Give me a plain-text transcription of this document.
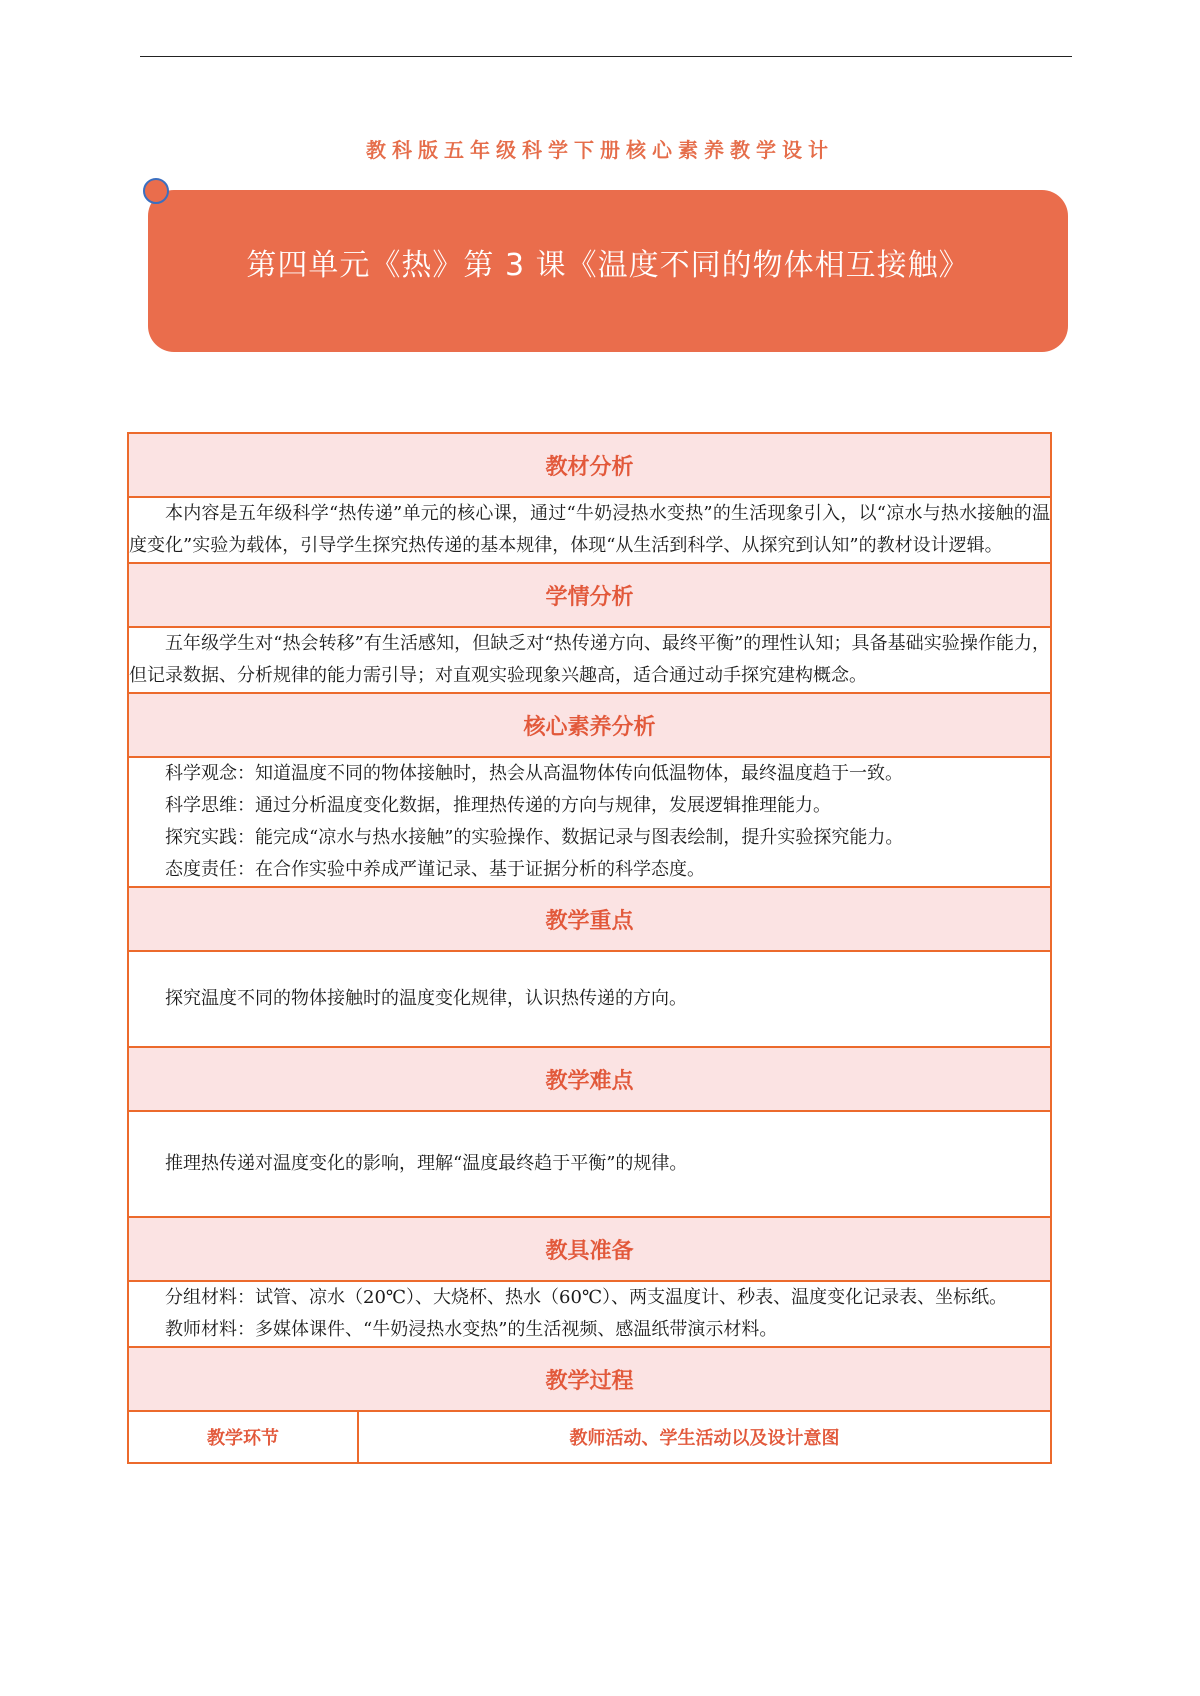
教科版五年级科学下册核心素养教学设计
第四单元《热》第 3 课《温度不同的物体相互接触》
教材分析

本内容是五年级科学“热传递”单元的核心课，通过“牛奶浸热水变热”的生活现象引入，以“凉水与热水接触的温度变化”实验为载体，引导学生探究热传递的基本规律，体现“从生活到科学、从探究到认知”的教材设计逻辑。

学情分析

五年级学生对“热会转移”有生活感知，但缺乏对“热传递方向、最终平衡”的理性认知；具备基础实验操作能力，但记录数据、分析规律的能力需引导；对直观实验现象兴趣高，适合通过动手探究建构概念。

核心素养分析

科学观念：知道温度不同的物体接触时，热会从高温物体传向低温物体，最终温度趋于一致。

科学思维：通过分析温度变化数据，推理热传递的方向与规律，发展逻辑推理能力。

探究实践：能完成“凉水与热水接触”的实验操作、数据记录与图表绘制，提升实验探究能力。

态度责任：在合作实验中养成严谨记录、基于证据分析的科学态度。

教学重点

探究温度不同的物体接触时的温度变化规律，认识热传递的方向。

教学难点

推理热传递对温度变化的影响，理解“温度最终趋于平衡”的规律。

教具准备

分组材料：试管、凉水（20℃）、大烧杯、热水（60℃）、两支温度计、秒表、温度变化记录表、坐标纸。

教师材料：多媒体课件、“牛奶浸热水变热”的生活视频、感温纸带演示材料。

教学过程
教学环节	教师活动、学生活动以及设计意图
